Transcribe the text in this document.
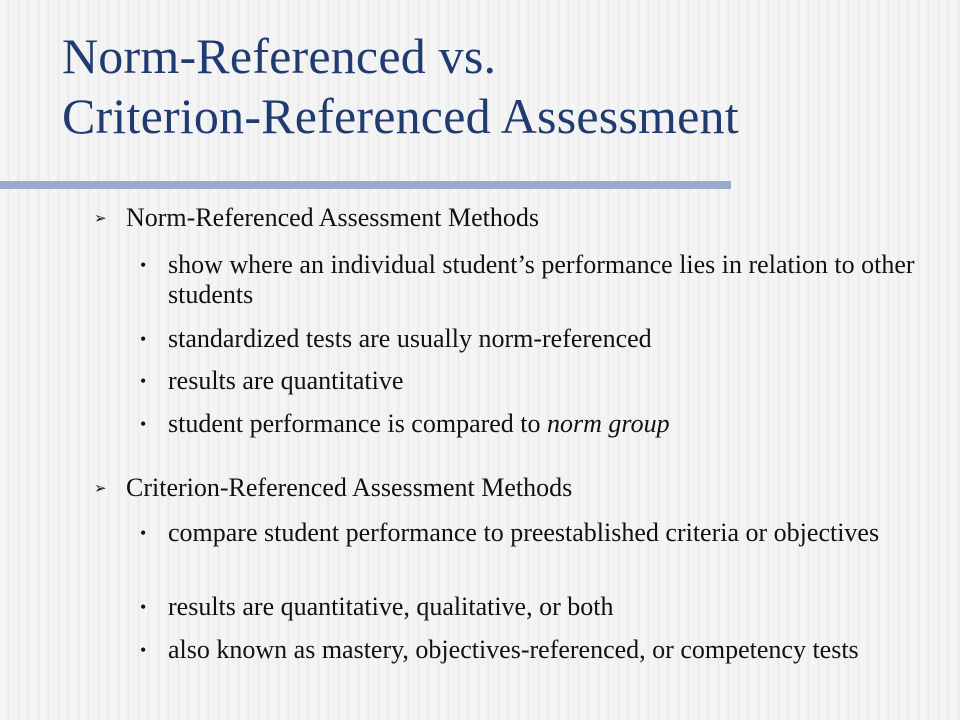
Norm-Referenced vs.
Criterion-Referenced Assessment
➢ Norm-Referenced Assessment Methods
• show where an individual student’s performance lies in relation to other students
• standardized tests are usually norm-referenced
• results are quantitative
• student performance is compared to norm group
➢ Criterion-Referenced Assessment Methods
• compare student performance to preestablished criteria or objectives
• results are quantitative, qualitative, or both
• also known as mastery, objectives-referenced, or competency tests
